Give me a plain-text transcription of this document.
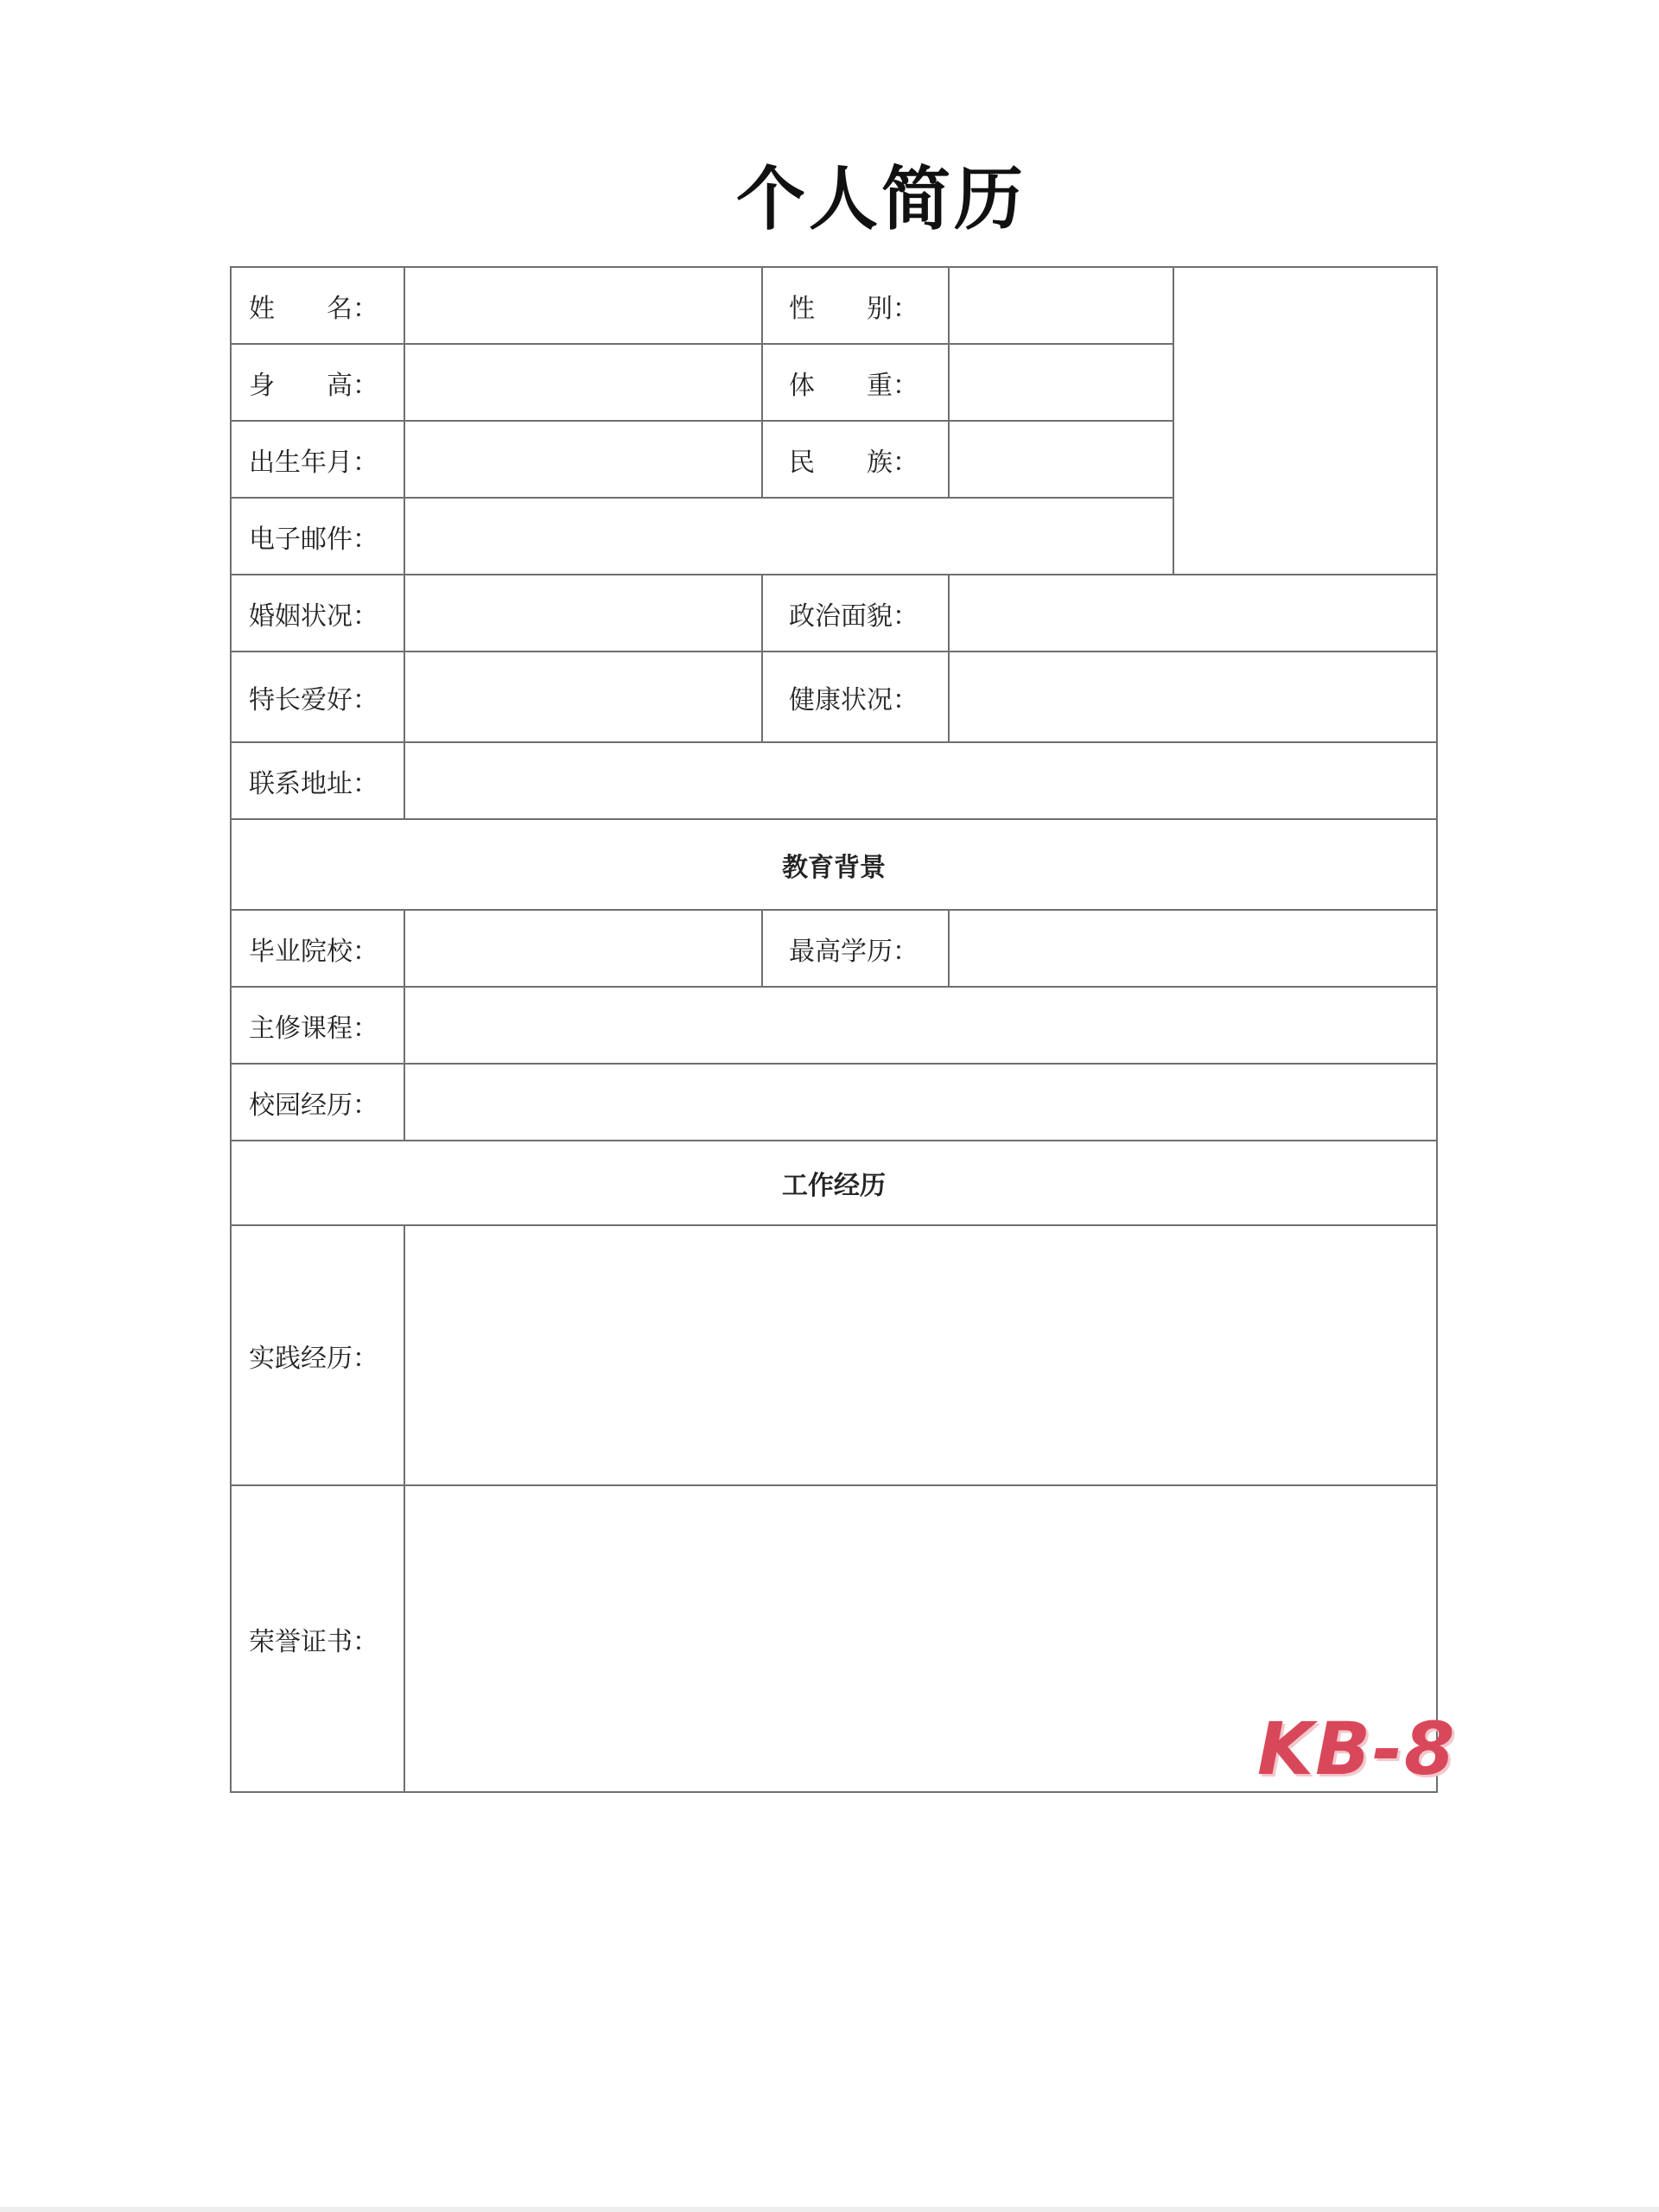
个人简历
姓　　名：		性　　别：		
身　　高：		体　　重：		
出生年月：		民　　族：		
电子邮件：				
婚姻状况：		政治面貌：		
特长爱好：		健康状况：		
联系地址：				
教育背景				
毕业院校：		最高学历：		
主修课程：				
校园经历：				
工作经历				
实践经历：				
荣誉证书：				
KB-8
